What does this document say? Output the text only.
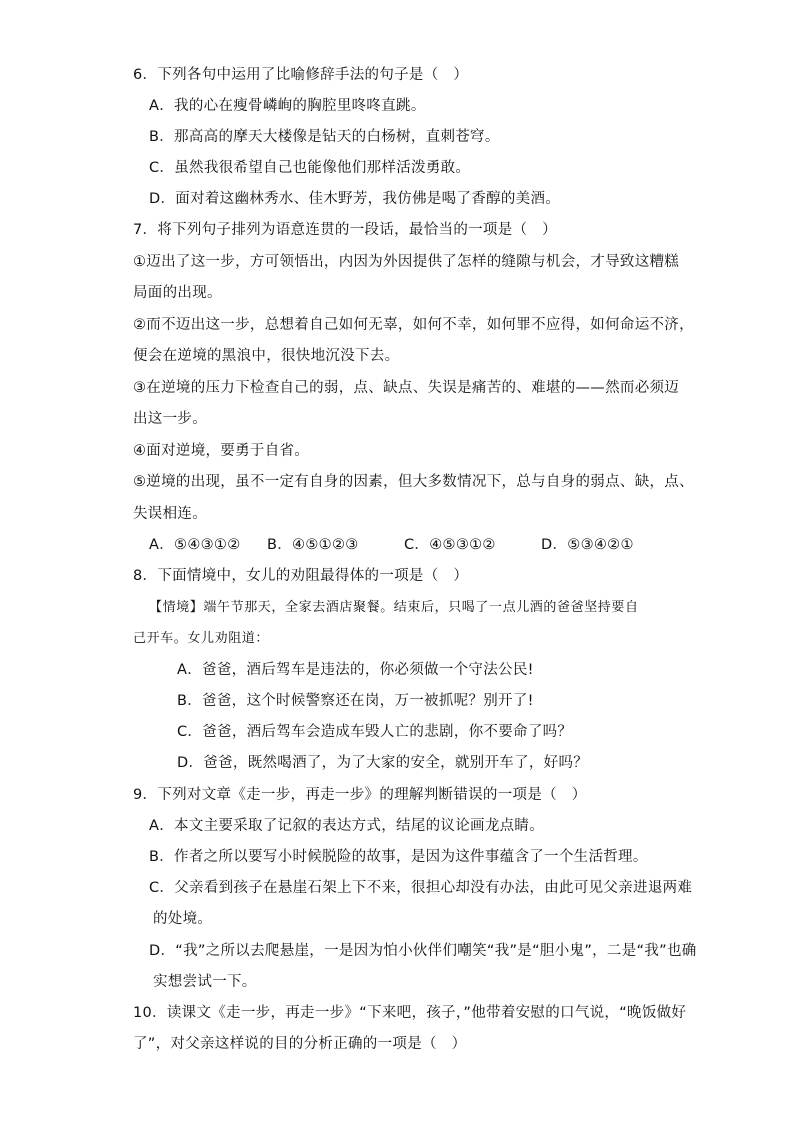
6．下列各句中运用了比喻修辞手法的句子是（　）
A．我的心在瘦骨嶙峋的胸腔里咚咚直跳。
B．那高高的摩天大楼像是钻天的白杨树，直刺苍穹。
C．虽然我很希望自己也能像他们那样活泼勇敢。
D．面对着这幽林秀水、佳木野芳，我仿佛是喝了香醇的美酒。
7．将下列句子排列为语意连贯的一段话，最恰当的一项是（　）
①迈出了这一步，方可领悟出，内因为外因提供了怎样的缝隙与机会，才导致这糟糕
局面的出现。
②而不迈出这一步，总想着自己如何无辜，如何不幸，如何罪不应得，如何命运不济，
便会在逆境的黑浪中，很快地沉没下去。
③在逆境的压力下检查自己的弱，点、缺点、失误是痛苦的、难堪的——然而必须迈
出这一步。
④面对逆境，要勇于自省。
⑤逆境的出现，虽不一定有自身的因素，但大多数情况下，总与自身的弱点、缺，点、
失误相连。
A．⑤④③①②	B．④⑤①②③	C．④⑤③①②	D．⑤③④②①
8．下面情境中，女儿的劝阻最得体的一项是（　）
【情境】端午节那天，全家去酒店聚餐。结束后，只喝了一点儿酒的爸爸坚持要自
己开车。女儿劝阻道：
A．爸爸，酒后驾车是违法的，你必须做一个守法公民!
B．爸爸，这个时候警察还在岗，万一被抓呢？别开了!
C．爸爸，酒后驾车会造成车毁人亡的悲剧，你不要命了吗？
D．爸爸，既然喝酒了，为了大家的安全，就别开车了，好吗？
9．下列对文章《走一步，再走一步》的理解判断错误的一项是（　）
A．本文主要采取了记叙的表达方式，结尾的议论画龙点睛。
B．作者之所以要写小时候脱险的故事，是因为这件事蕴含了一个生活哲理。
C．父亲看到孩子在悬崖石架上下不来，很担心却没有办法，由此可见父亲进退两难
的处境。
D．“我”之所以去爬悬崖，一是因为怕小伙伴们嘲笑“我”是“胆小鬼”，二是“我”也确
实想尝试一下。
10．读课文《走一步，再走一步》“下来吧，孩子，”他带着安慰的口气说，“晚饭做好
了”，对父亲这样说的目的分析正确的一项是（　）
